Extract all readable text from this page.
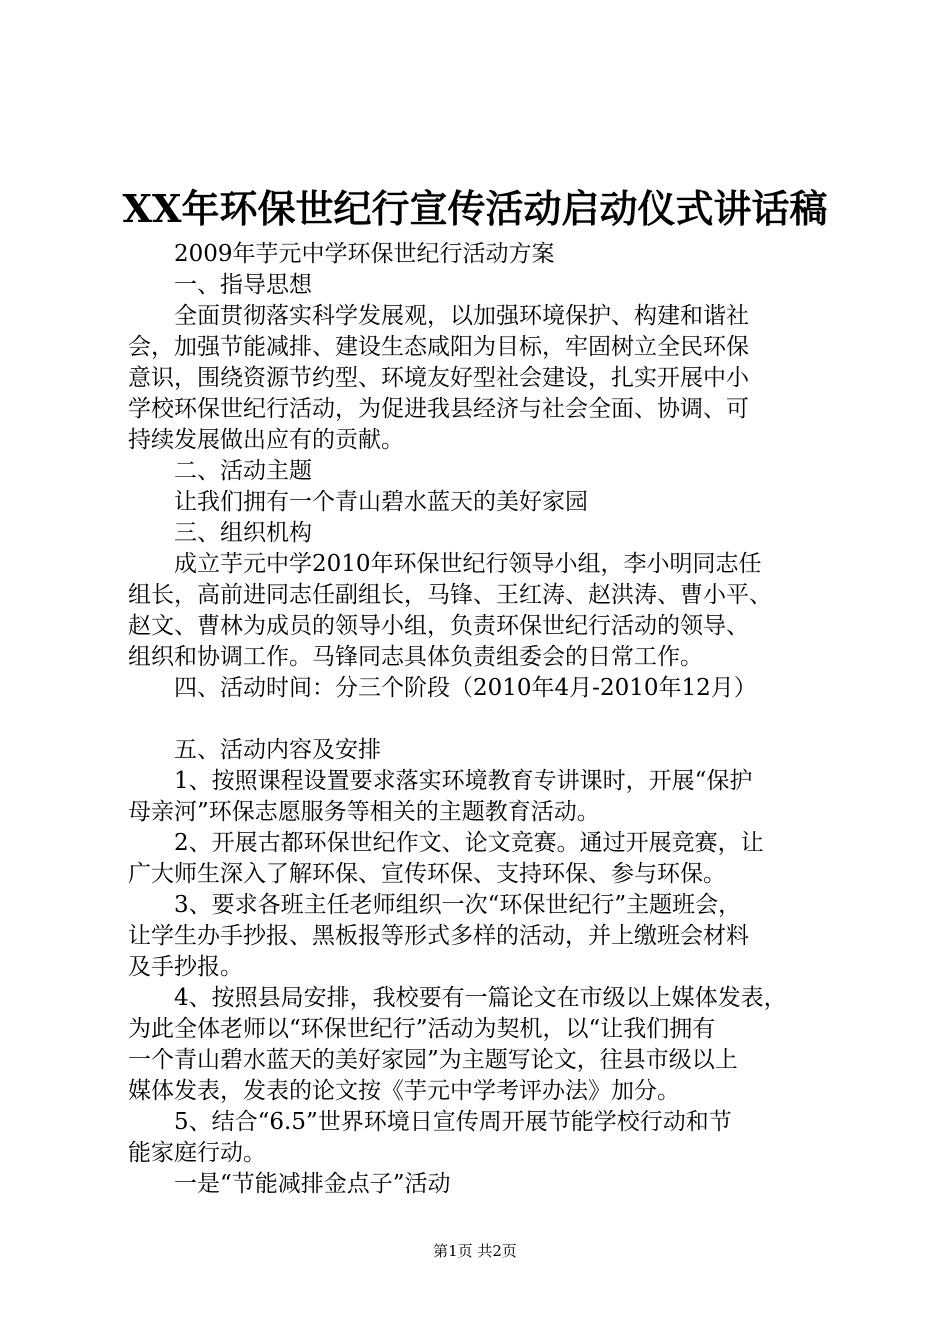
XX年环保世纪行宣传活动启动仪式讲话稿
2009年芋元中学环保世纪行活动方案
一、指导思想
全面贯彻落实科学发展观，以加强环境保护、构建和谐社
会，加强节能减排、建设生态咸阳为目标，牢固树立全民环保
意识，围绕资源节约型、环境友好型社会建设，扎实开展中小
学校环保世纪行活动，为促进我县经济与社会全面、协调、可
持续发展做出应有的贡献。
二、活动主题
让我们拥有一个青山碧水蓝天的美好家园
三、组织机构
成立芋元中学2010年环保世纪行领导小组，李小明同志任
组长，高前进同志任副组长，马锋、王红涛、赵洪涛、曹小平、
赵文、曹林为成员的领导小组，负责环保世纪行活动的领导、
组织和协调工作。马锋同志具体负责组委会的日常工作。
四、活动时间：分三个阶段（2010年4月-2010年12月）
五、活动内容及安排
1、按照课程设置要求落实环境教育专讲课时，开展“保护
母亲河”环保志愿服务等相关的主题教育活动。
2、开展古都环保世纪作文、论文竞赛。通过开展竞赛，让
广大师生深入了解环保、宣传环保、支持环保、参与环保。
3、要求各班主任老师组织一次“环保世纪行”主题班会，
让学生办手抄报、黑板报等形式多样的活动，并上缴班会材料
及手抄报。
4、按照县局安排，我校要有一篇论文在市级以上媒体发表，
为此全体老师以“环保世纪行”活动为契机，以“让我们拥有
一个青山碧水蓝天的美好家园”为主题写论文，往县市级以上
媒体发表，发表的论文按《芋元中学考评办法》加分。
5、结合“6.5”世界环境日宣传周开展节能学校行动和节
能家庭行动。
一是“节能减排金点子”活动
第1页 共2页
